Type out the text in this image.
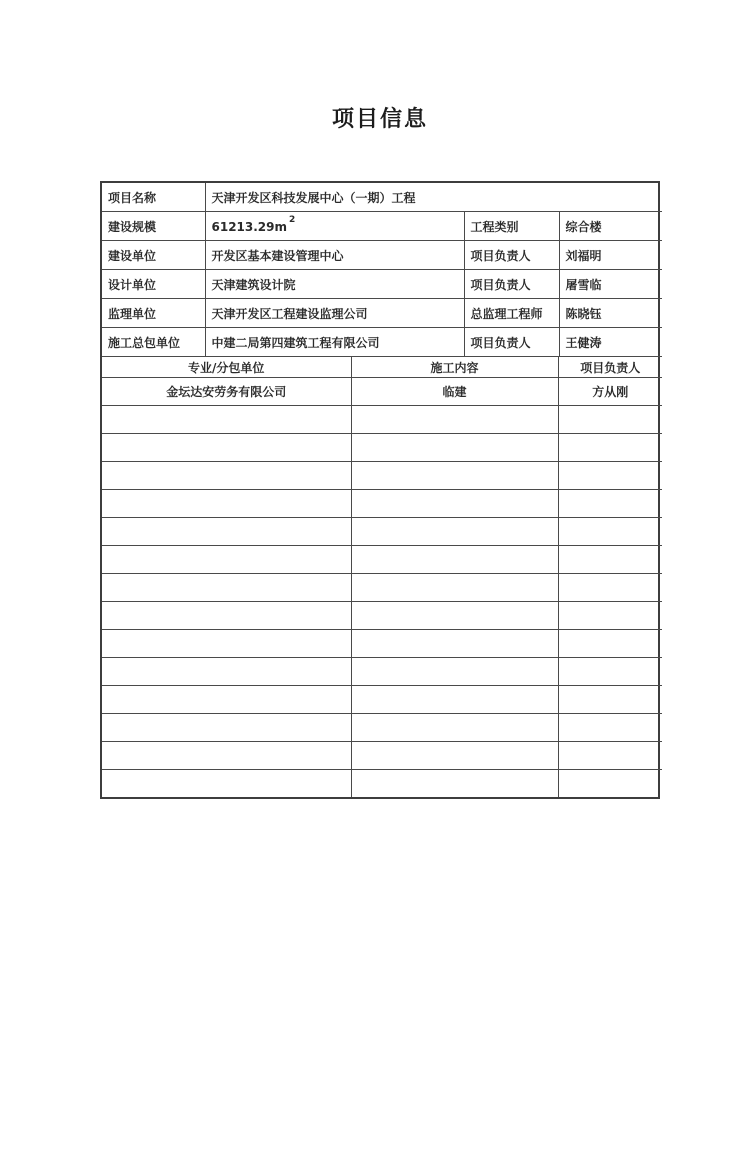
项目信息
项目名称	天津开发区科技发展中心（一期）工程		
建设规模	61213.29m $^2$	工程类别	综合楼
建设单位	开发区基本建设管理中心	项目负责人	刘福明
设计单位	天津建筑设计院	项目负责人	屠雪临
监理单位	天津开发区工程建设监理公司	总监理工程师	陈晓钰
施工总包单位	中建二局第四建筑工程有限公司	项目负责人	王健涛
专业/分包单位	施工内容	项目负责人
金坛达安劳务有限公司	临建	方从刚
